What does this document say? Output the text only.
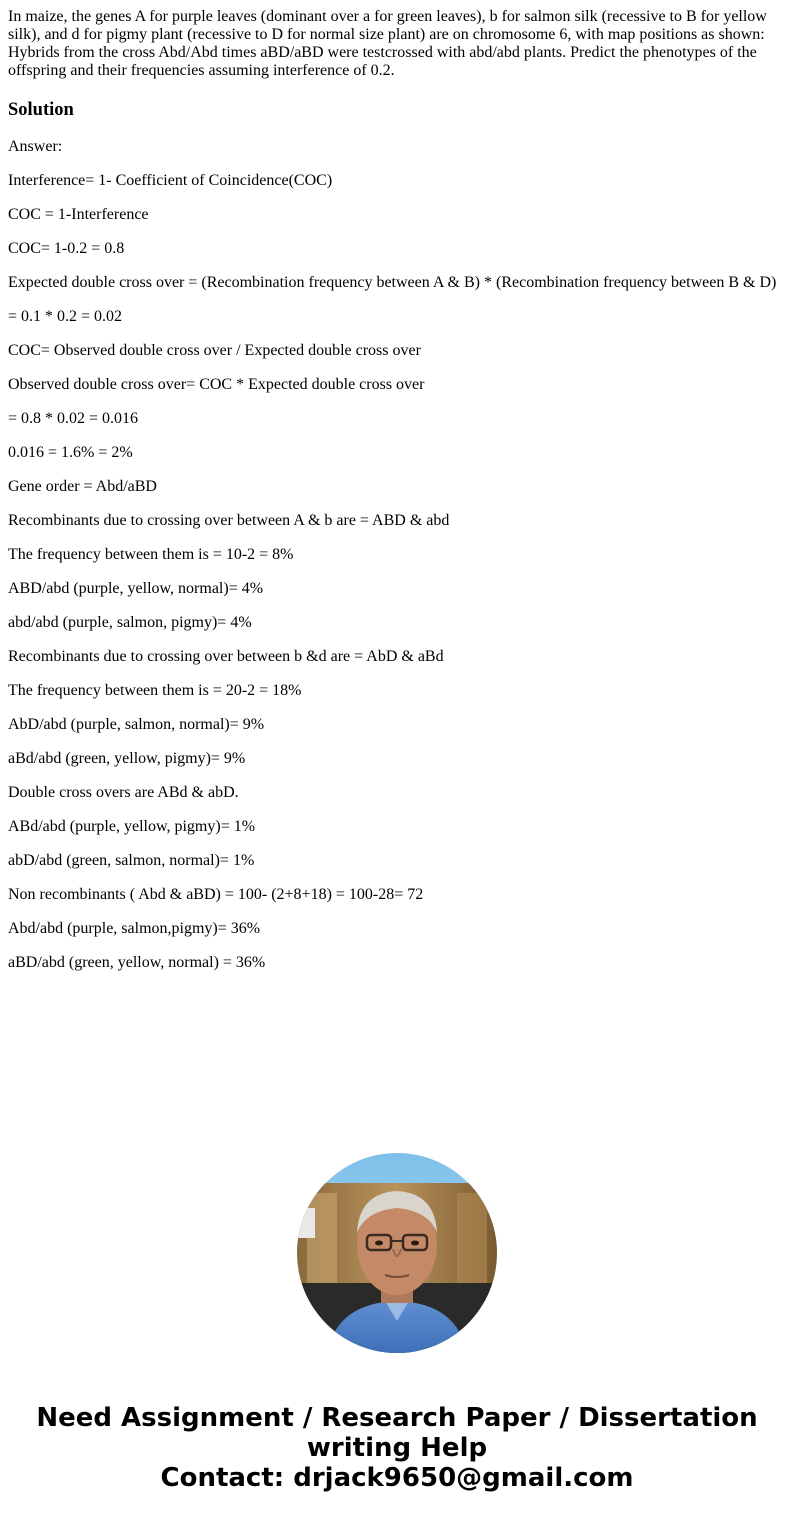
In maize, the genes A for purple leaves (dominant over a for green leaves), b for salmon silk (recessive to B for yellow silk), and d for pigmy plant (recessive to D for normal size plant) are on chromosome 6, with map positions as shown: Hybrids from the cross Abd/Abd times aBD/aBD were testcrossed with abd/abd plants. Predict the phenotypes of the offspring and their frequencies assuming interference of 0.2.

Solution

Answer:

Interference= 1- Coefficient of Coincidence(COC)

COC = 1-Interference

COC= 1-0.2 = 0.8

Expected double cross over = (Recombination frequency between A & B) * (Recombination frequency between B & D)

= 0.1 * 0.2 = 0.02

COC= Observed double cross over / Expected double cross over

Observed double cross over= COC * Expected double cross over

= 0.8 * 0.02 = 0.016

0.016 = 1.6% = 2%

Gene order = Abd/aBD

Recombinants due to crossing over between A & b are = ABD & abd

The frequency between them is = 10-2 = 8%

ABD/abd (purple, yellow, normal)= 4%

abd/abd (purple, salmon, pigmy)= 4%

Recombinants due to crossing over between b &d are = AbD & aBd

The frequency between them is = 20-2 = 18%

AbD/abd (purple, salmon, normal)= 9%

aBd/abd (green, yellow, pigmy)= 9%

Double cross overs are ABd & abD.

ABd/abd (purple, yellow, pigmy)= 1%

abD/abd (green, salmon, normal)= 1%

Non recombinants ( Abd & aBD) = 100- (2+8+18) = 100-28= 72

Abd/abd (purple, salmon,pigmy)= 36%

aBD/abd (green, yellow, normal) = 36%

Need Assignment / Research Paper / Dissertation
writing Help
Contact: drjack9650@gmail.com
